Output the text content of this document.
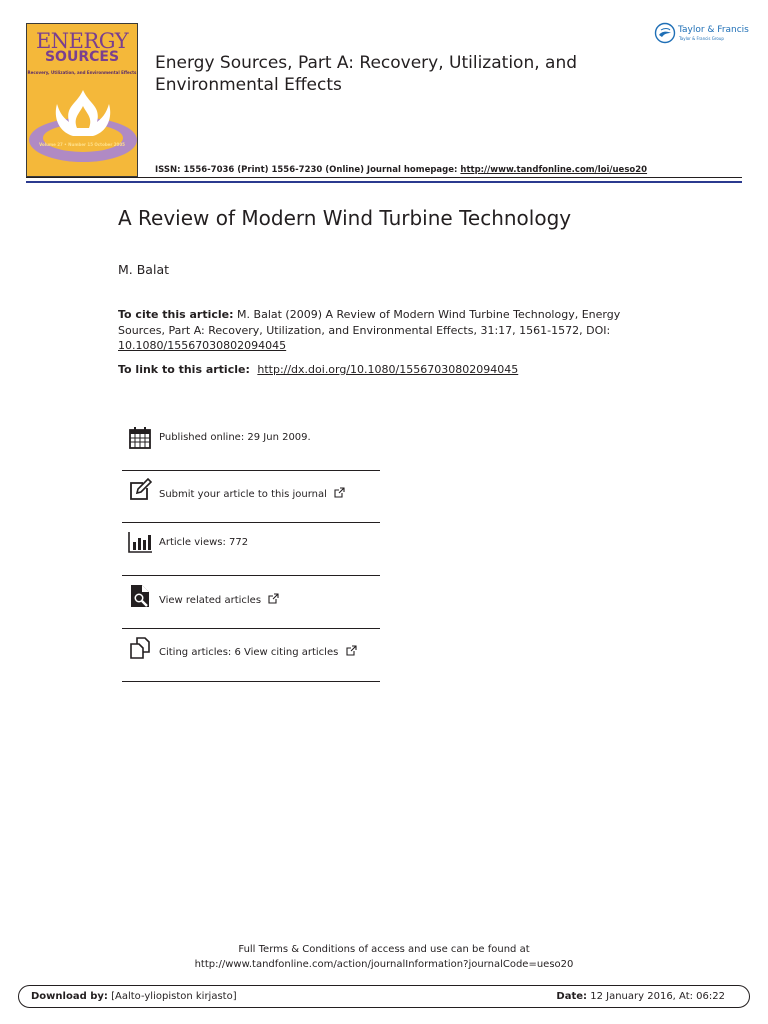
ENERGY
SOURCES
Recovery, Utilization, and Environmental Effects
Volume 27 • Number 15 October 2005
Energy Sources, Part A: Recovery, Utilization, and Environmental Effects
Taylor & Francis
Taylor & Francis Group
ISSN: 1556-7036 (Print) 1556-7230 (Online) Journal homepage: http://www.tandfonline.com/loi/ueso20
A Review of Modern Wind Turbine Technology
M. Balat
To cite this article: M. Balat (2009) A Review of Modern Wind Turbine Technology, Energy Sources, Part A: Recovery, Utilization, and Environmental Effects, 31:17, 1561-1572, DOI: 10.1080/15567030802094045
To link to this article: http://dx.doi.org/10.1080/15567030802094045
Published online: 29 Jun 2009.
Submit your article to this journal
Article views: 772
View related articles
Citing articles: 6 View citing articles
Full Terms & Conditions of access and use can be found at
http://www.tandfonline.com/action/journalInformation?journalCode=ueso20
Download by: [Aalto-yliopiston kirjasto]	Date: 12 January 2016, At: 06:22
